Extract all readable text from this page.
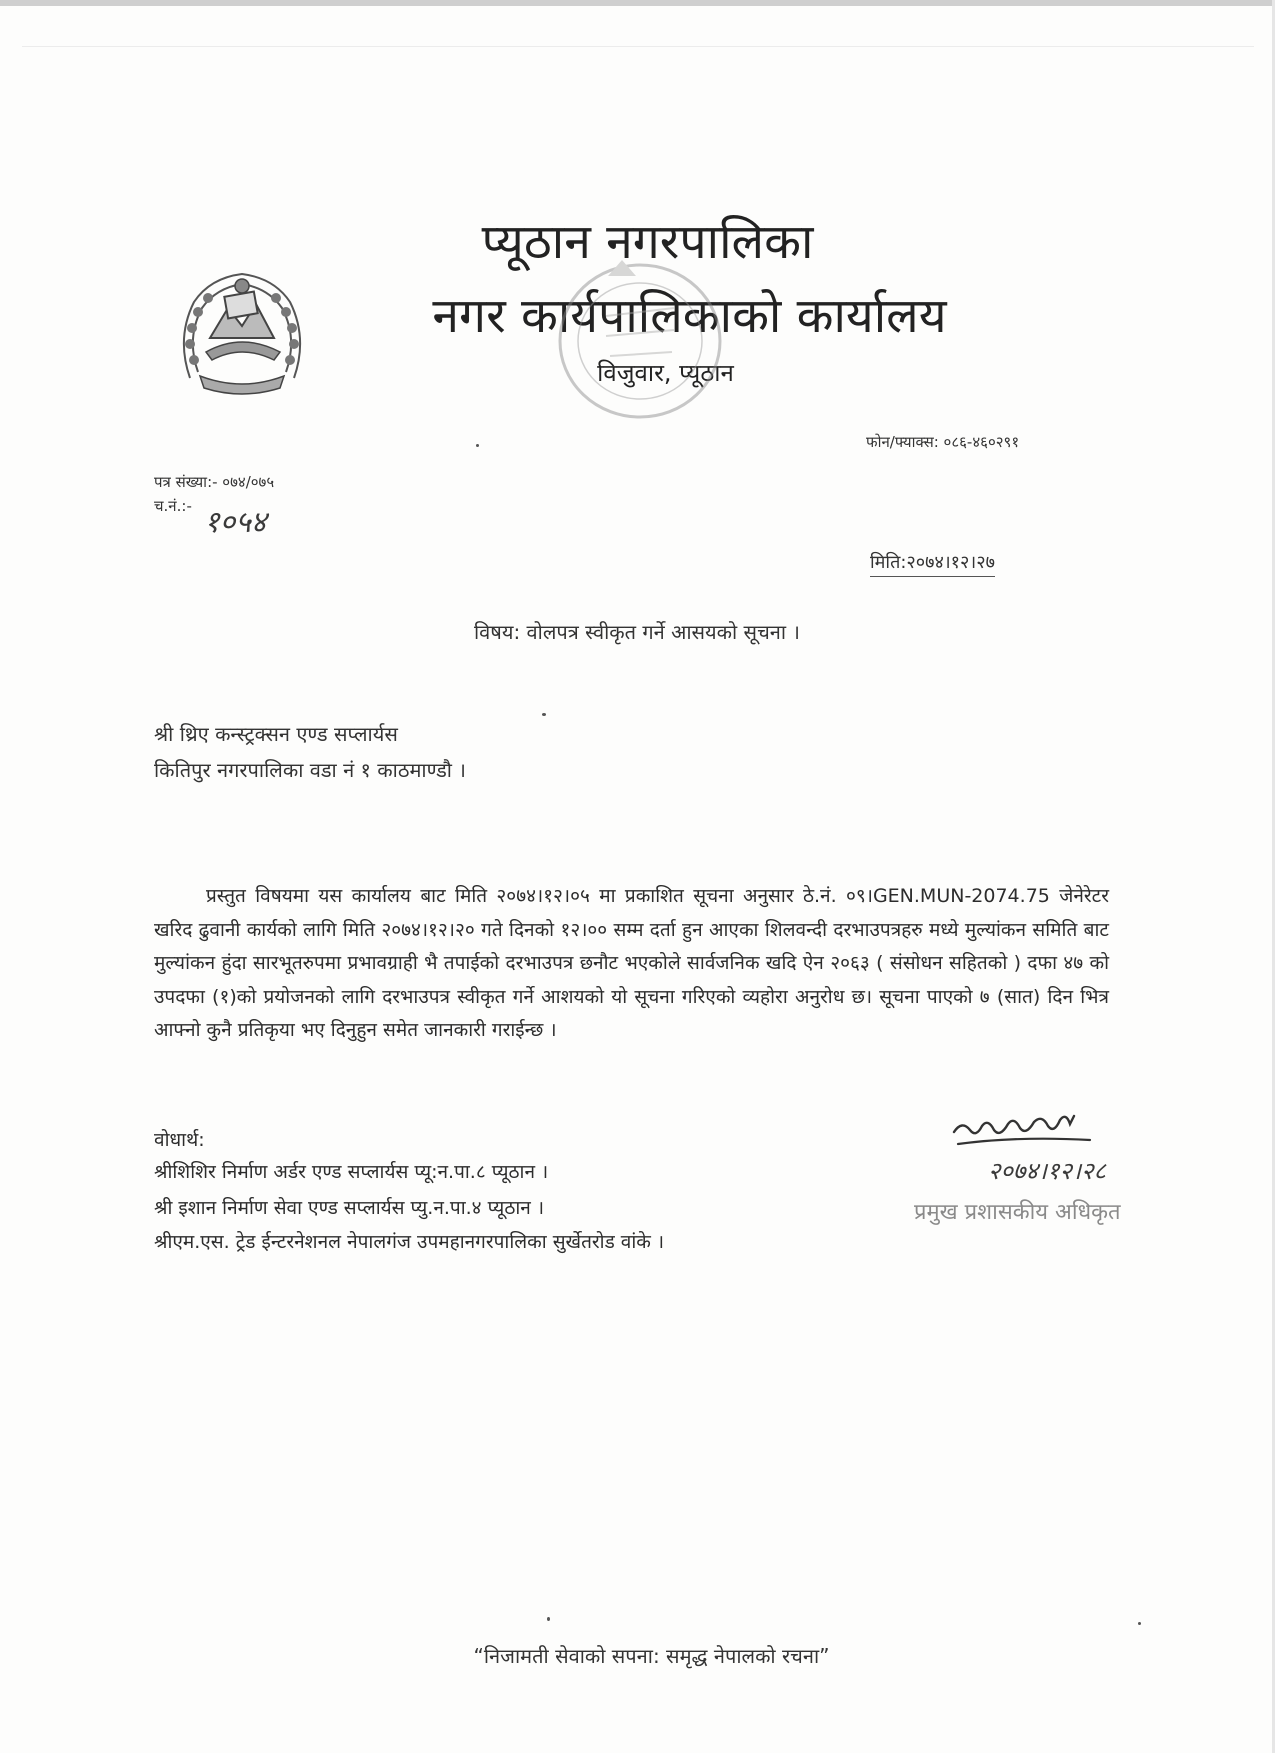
प्यूठान नगरपालिका
नगर कार्यपालिकाको कार्यालय
विजुवार, प्यूठान
फोन/फ्याक्स: ०८६-४६०२९१
पत्र संख्या:- ०७४/०७५
च.नं.:- १०५४
मिति:२०७४।१२।२७
विषय: वोलपत्र स्वीकृत गर्ने आसयको सूचना ।
श्री थ्रिए कन्स्ट्रक्सन एण्ड सप्लार्यस
कितिपुर नगरपालिका वडा नं १ काठमाण्डौ ।
प्रस्तुत विषयमा यस कार्यालय बाट मिति २०७४।१२।०५ मा प्रकाशित सूचना अनुसार ठे.नं. ०९।GEN.MUN-2074.75 जेनेरेटर खरिद ढुवानी कार्यको लागि मिति २०७४।१२।२० गते दिनको १२।०० सम्म दर्ता हुन आएका शिलवन्दी दरभाउपत्रहरु मध्ये मुल्यांकन समिति बाट मुल्यांकन हुंदा सारभूतरुपमा प्रभावग्राही भै तपाईको दरभाउपत्र छनौट भएकोले सार्वजनिक खदि ऐन २०६३ ( संसोधन सहितको ) दफा ४७ को उपदफा (१)को प्रयोजनको लागि दरभाउपत्र स्वीकृत गर्ने आशयको यो सूचना गरिएको व्यहोरा अनुरोध छ। सूचना पाएको ७ (सात) दिन भित्र आफ्नो कुनै प्रतिकृया भए दिनुहुन समेत जानकारी गराईन्छ ।
वोधार्थ:
श्रीशिशिर निर्माण अर्डर एण्ड सप्लार्यस प्यू:न.पा.८ प्यूठान ।
श्री इशान निर्माण सेवा एण्ड सप्लार्यस प्यु.न.पा.४ प्यूठान ।
श्रीएम.एस. ट्रेड ईन्टरनेशनल नेपालगंज उपमहानगरपालिका सुर्खेतरोड वांके ।
२०७४।१२।२८
प्रमुख प्रशासकीय अधिकृत
“निजामती सेवाको सपना: समृद्ध नेपालको रचना”
